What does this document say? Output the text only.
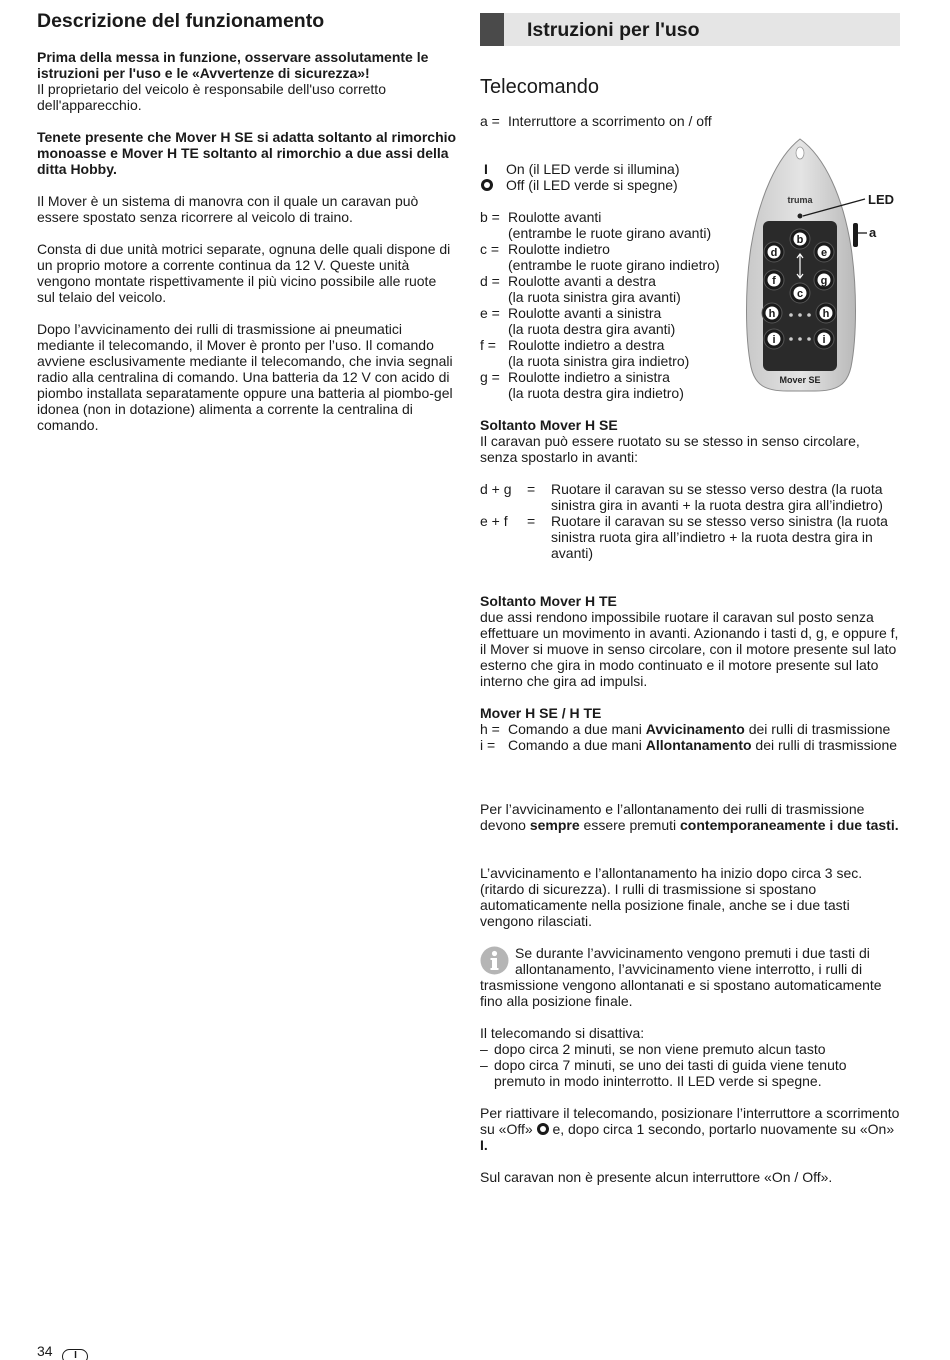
Descrizione del funzionamento

Prima della messa in funzione, osservare assolutamente le istruzioni per l'uso e le «Avvertenze di sicurezza»!

Il proprietario del veicolo è responsabile dell'uso corretto dell'apparecchio.

Tenete presente che Mover H SE si adatta soltanto al rimorchio monoasse e Mover H TE soltanto al rimorchio a due assi della ditta Hobby.
Il Mover è un sistema di manovra con il quale un caravan può essere spostato senza ricorrere al veicolo di traino.
Consta di due unità motrici separate, ognuna delle quali dispone di un proprio motore a corrente continua da 12 V. Queste unità vengono montate rispettivamente il più vicino possibile alle ruote sul telaio del veicolo.
Dopo l’avvicinamento dei rulli di trasmissione ai pneumatici mediante il telecomando, il Mover è pronto per l’uso. Il comando avviene esclusivamente mediante il telecomando, che invia segnali radio alla centralina di comando. Una batteria da 12 V con acido di piombo installata separatamente oppure una batteria al piombo-gel idonea (non in dotazione) alimenta a corrente la centralina di comando.
Istruzioni per l'uso
Telecomando
a = Interruttore a scorrimento on / off
I On (il LED verde si illumina)
Off (il LED verde si spegne)
b = Roulotte avanti
(entrambe le ruote girano avanti)
c = Roulotte indietro
(entrambe le ruote girano indietro)
d = Roulotte avanti a destra
(la ruota sinistra gira avanti)
e = Roulotte avanti a sinistra
(la ruota destra gira avanti)
f = Roulotte indietro a destra
(la ruota sinistra gira indietro)
g = Roulotte indietro a sinistra
(la ruota destra gira indietro)
truma	LED
a
b
d	e
f	g
c
h	h
i	i
Mover SE

Soltanto Mover H SE

Il caravan può essere ruotato su se stesso in senso circolare, senza spostarlo in avanti:

d + g = Ruotare il caravan su se stesso verso destra (la ruota sinistra gira in avanti + la ruota destra gira all’indietro)
e + f = Ruotare il caravan su se stesso verso sinistra (la ruota sinistra ruota gira all’indietro + la ruota destra gira in avanti)

Soltanto Mover H TE

due assi rendono impossibile ruotare il caravan sul posto senza effettuare un movimento in avanti. Azionando i tasti d, g, e oppure f, il Mover si muove in senso circolare, con il motore presente sul lato esterno che gira in modo continuato e il motore presente sul lato interno che gira ad impulsi.

Mover H SE / H TE

h = Comando a due mani Avvicinamento dei rulli di trasmissione
i = Comando a due mani Allontanamento dei rulli di trasmissione
Per l’avvicinamento e l’allontanamento dei rulli di trasmissione devono sempre essere premuti contemporaneamente i due tasti.
L’avvicinamento e l’allontanamento ha inizio dopo circa 3 sec. (ritardo di sicurezza). I rulli di trasmissione si spostano automaticamente nella posizione finale, anche se i due tasti vengono rilasciati.
Se durante l’avvicinamento vengono premuti i due tasti di allontanamento, l’avvicinamento viene interrotto, i rulli di trasmissione vengono allontanati e si spostano automaticamente fino alla posizione finale.

Il telecomando si disattiva:

– dopo circa 2 minuti, se non viene premuto alcun tasto
– dopo circa 7 minuti, se uno dei tasti di guida viene tenuto premuto in modo ininterrotto. Il LED verde si spegne.
Per riattivare il telecomando, posizionare l’interruttore a scorrimento su «Off»  e, dopo circa 1 secondo, portarlo nuovamente su «On» I.
Sul caravan non è presente alcun interruttore «On / Off».
34 I
